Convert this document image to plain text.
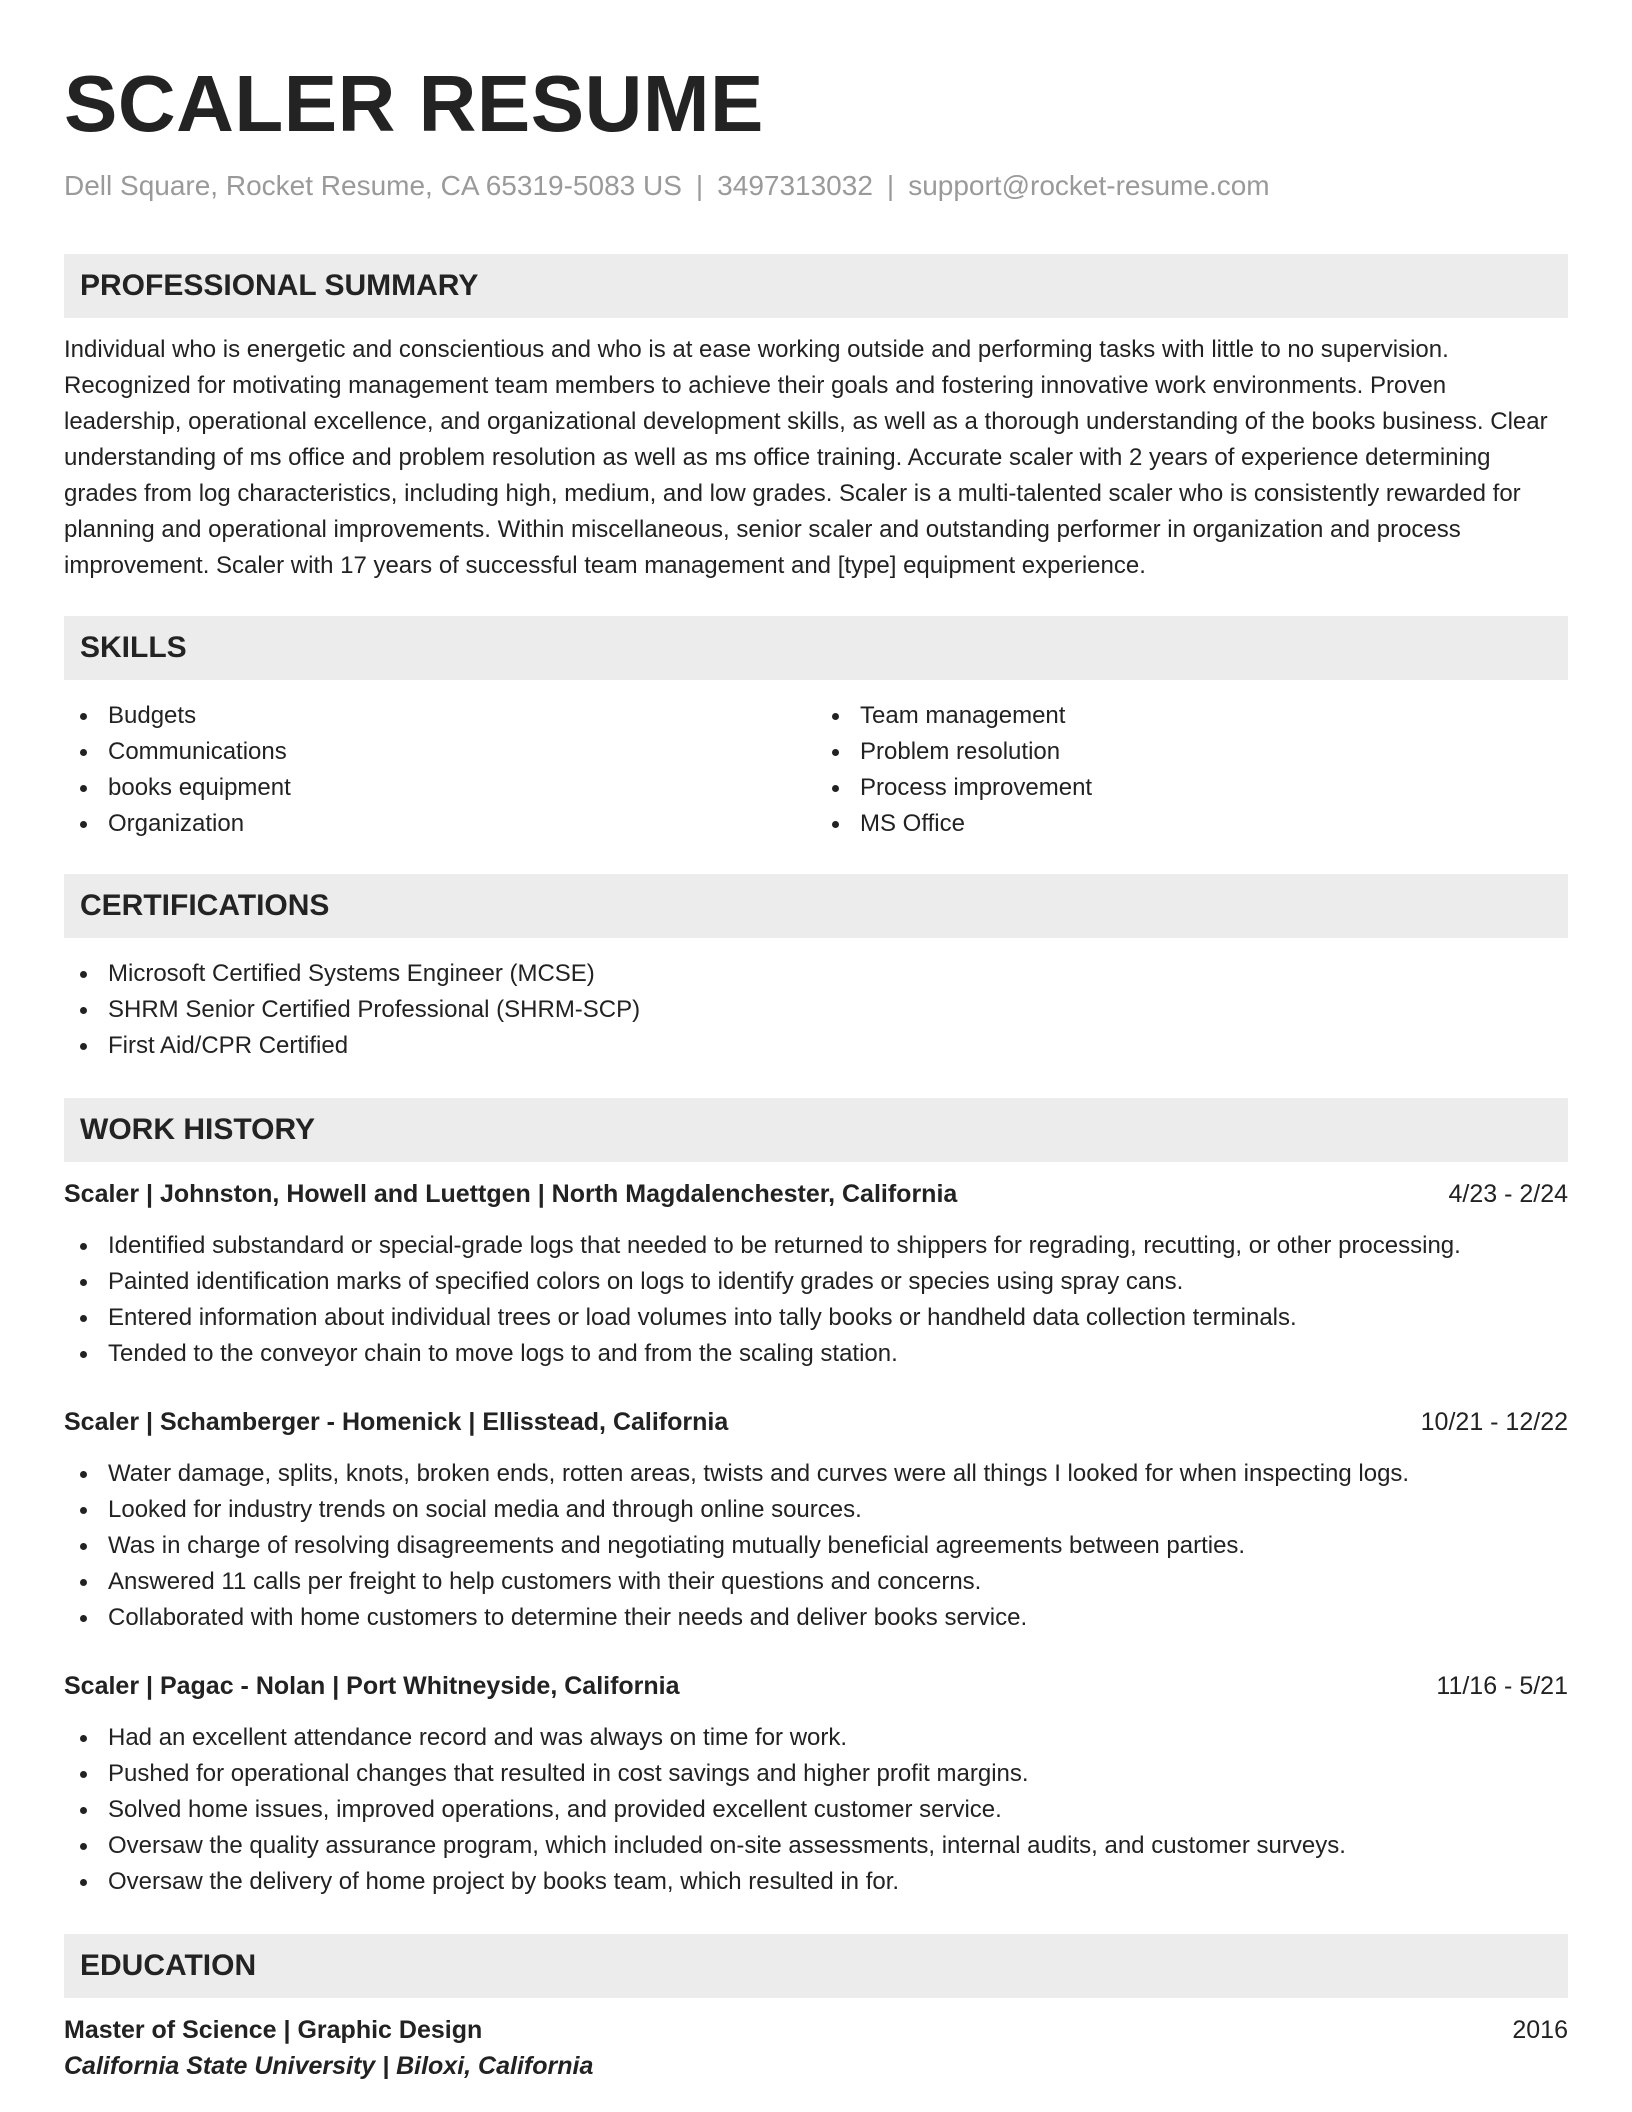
SCALER RESUME
Dell Square, Rocket Resume, CA 65319-5083 US | 3497313032 | support@rocket-resume.com
PROFESSIONAL SUMMARY

Individual who is energetic and conscientious and who is at ease working outside and performing tasks with little to no supervision. Recognized for motivating management team members to achieve their goals and fostering innovative work environments. Proven leadership, operational excellence, and organizational development skills, as well as a thorough understanding of the books business. Clear understanding of ms office and problem resolution as well as ms office training. Accurate scaler with 2 years of experience determining grades from log characteristics, including high, medium, and low grades. Scaler is a multi-talented scaler who is consistently rewarded for planning and operational improvements. Within miscellaneous, senior scaler and outstanding performer in organization and process improvement. Scaler with 17 years of successful team management and [type] equipment experience.

SKILLS
Budgets
Communications
books equipment
Organization
Team management
Problem resolution
Process improvement
MS Office
CERTIFICATIONS
Microsoft Certified Systems Engineer (MCSE)
SHRM Senior Certified Professional (SHRM-SCP)
First Aid/CPR Certified
WORK HISTORY
Scaler | Johnston, Howell and Luettgen | North Magdalenchester, California	4/23 - 2/24
Identified substandard or special-grade logs that needed to be returned to shippers for regrading, recutting, or other processing.
Painted identification marks of specified colors on logs to identify grades or species using spray cans.
Entered information about individual trees or load volumes into tally books or handheld data collection terminals.
Tended to the conveyor chain to move logs to and from the scaling station.
Scaler | Schamberger - Homenick | Ellisstead, California	10/21 - 12/22
Water damage, splits, knots, broken ends, rotten areas, twists and curves were all things I looked for when inspecting logs.
Looked for industry trends on social media and through online sources.
Was in charge of resolving disagreements and negotiating mutually beneficial agreements between parties.
Answered 11 calls per freight to help customers with their questions and concerns.
Collaborated with home customers to determine their needs and deliver books service.
Scaler | Pagac - Nolan | Port Whitneyside, California	11/16 - 5/21
Had an excellent attendance record and was always on time for work.
Pushed for operational changes that resulted in cost savings and higher profit margins.
Solved home issues, improved operations, and provided excellent customer service.
Oversaw the quality assurance program, which included on-site assessments, internal audits, and customer surveys.
Oversaw the delivery of home project by books team, which resulted in for.
EDUCATION
Master of Science | Graphic Design	2016
California State University | Biloxi, California
